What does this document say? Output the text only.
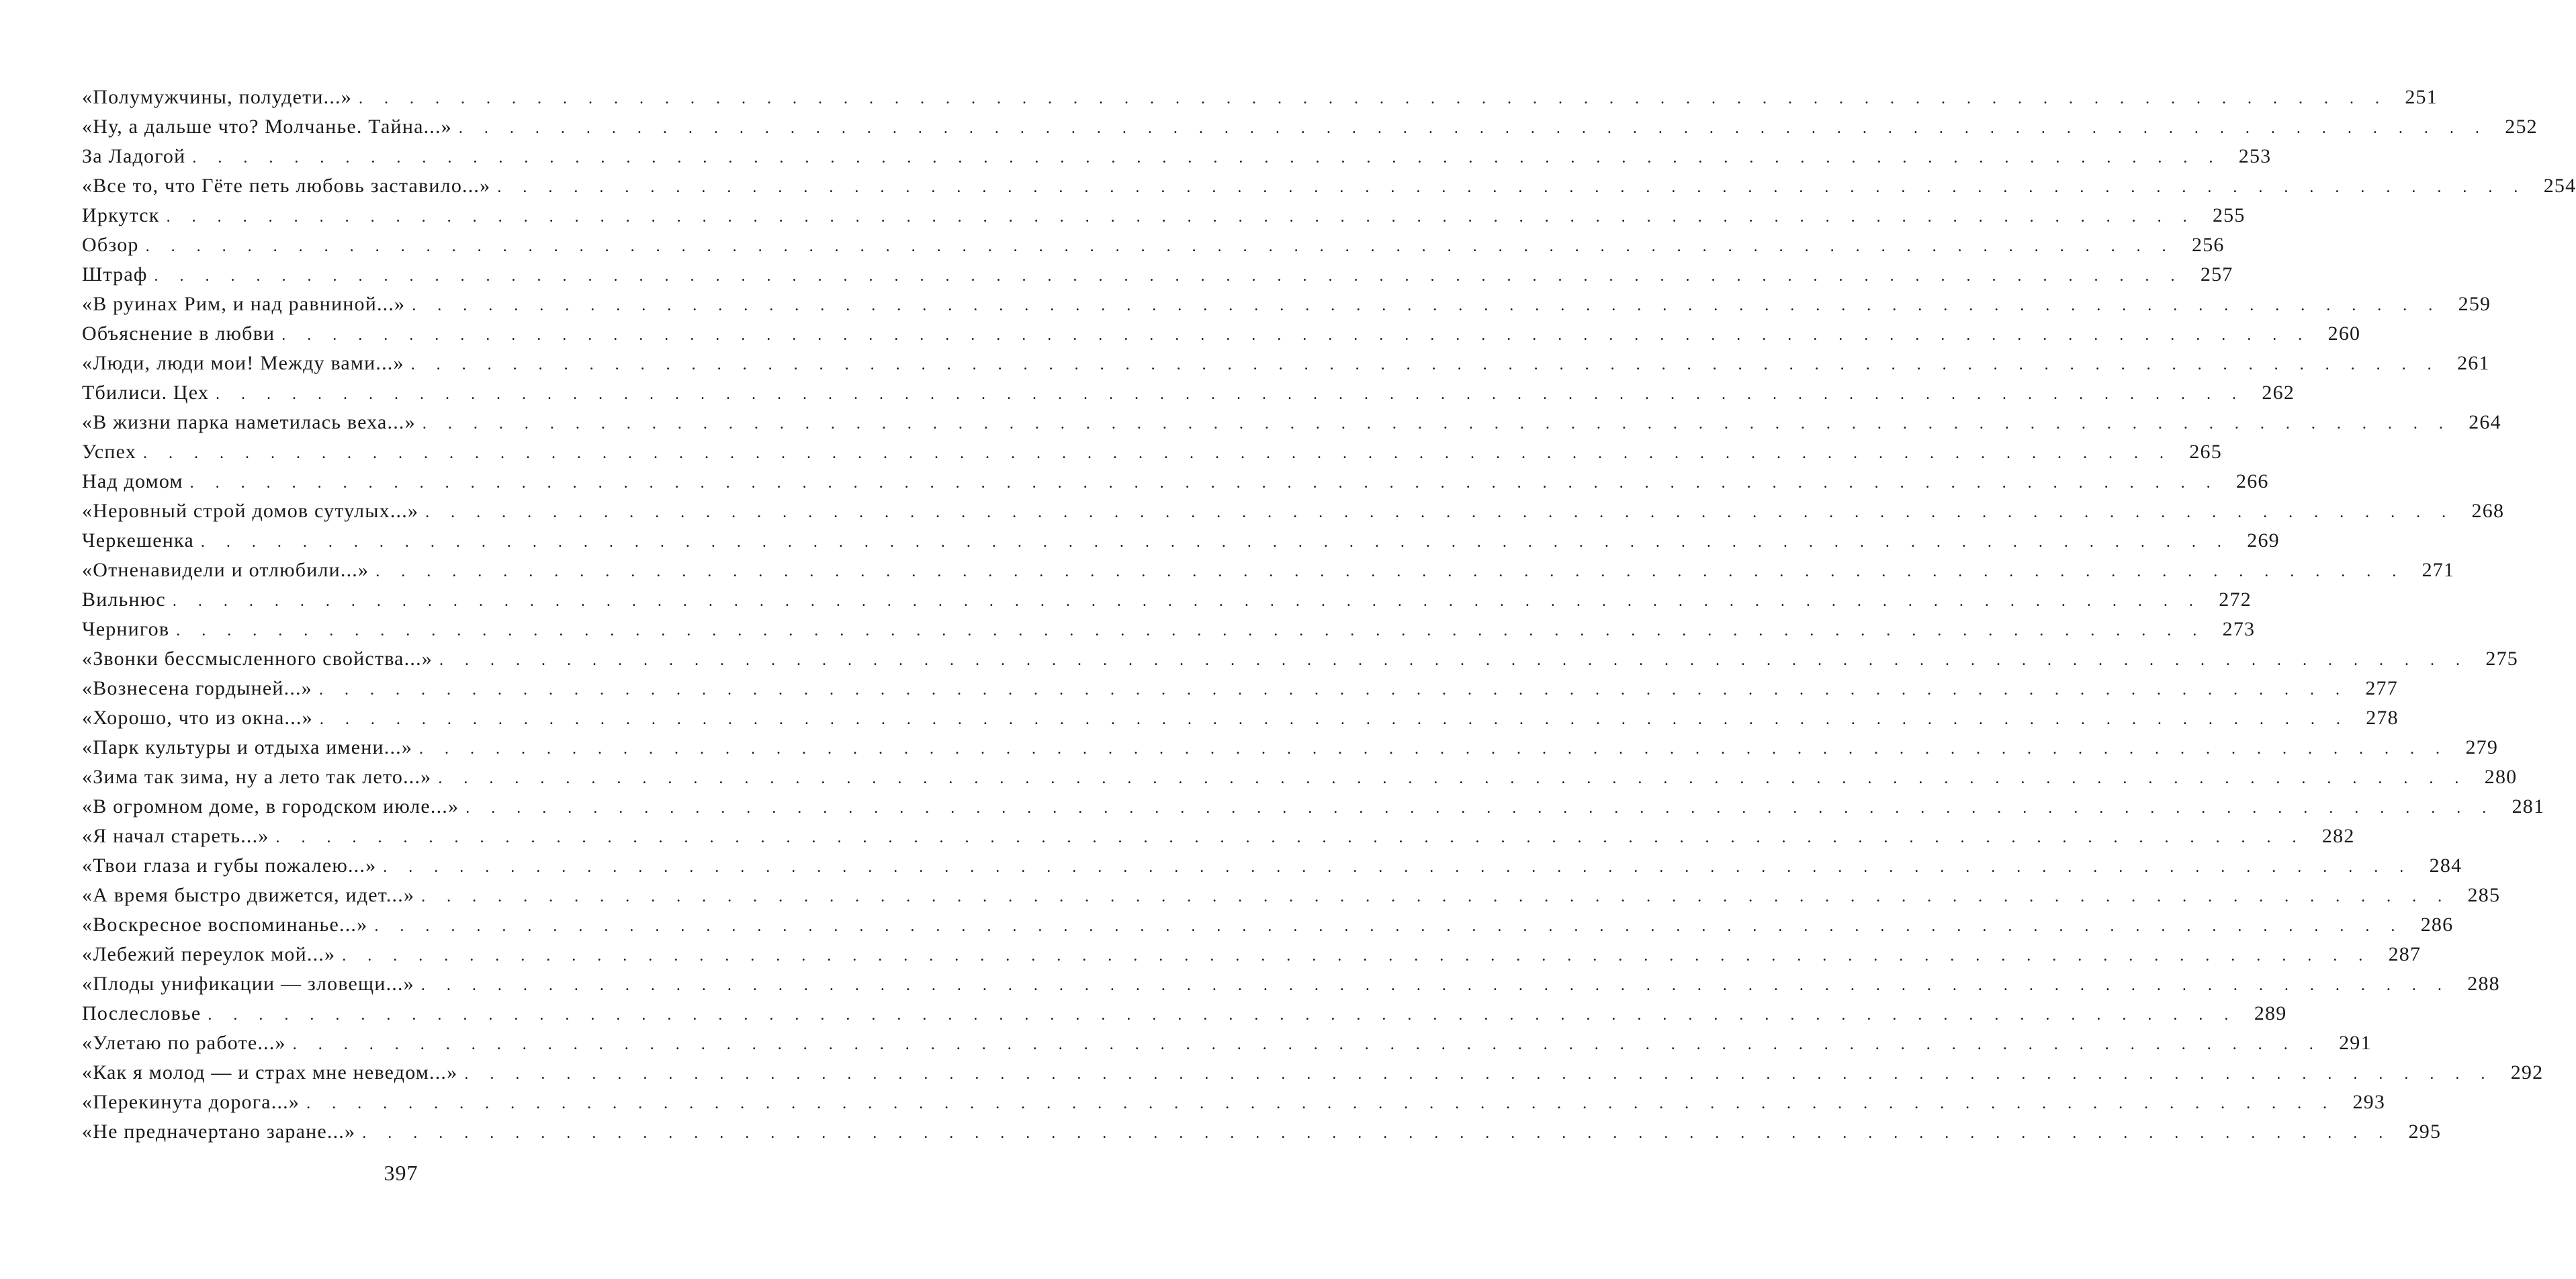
«Полумужчины, полудети...» . . . . . . . . . . . . . . . . . . . . . . . . . . . . . . . . . . . . . . . . . . . . . . . . . . . . . . . . . . . . . . . . . . . . . . . . . . . . . . . . 251
«Ну, а дальше что? Молчанье. Тайна...» . . . . . . . . . . . . . . . . . . . . . . . . . . . . . . . . . . . . . . . . . . . . . . . . . . . . . . . . . . . . . . . . . . . . . . . . . . . . . . . . 252
За Ладогой . . . . . . . . . . . . . . . . . . . . . . . . . . . . . . . . . . . . . . . . . . . . . . . . . . . . . . . . . . . . . . . . . . . . . . . . . . . . . . . . 253
«Все то, что Гёте петь любовь заставило...» . . . . . . . . . . . . . . . . . . . . . . . . . . . . . . . . . . . . . . . . . . . . . . . . . . . . . . . . . . . . . . . . . . . . . . . . . . . . . . . . 254
Иркутск . . . . . . . . . . . . . . . . . . . . . . . . . . . . . . . . . . . . . . . . . . . . . . . . . . . . . . . . . . . . . . . . . . . . . . . . . . . . . . . . 255
Обзор . . . . . . . . . . . . . . . . . . . . . . . . . . . . . . . . . . . . . . . . . . . . . . . . . . . . . . . . . . . . . . . . . . . . . . . . . . . . . . . . 256
Штраф . . . . . . . . . . . . . . . . . . . . . . . . . . . . . . . . . . . . . . . . . . . . . . . . . . . . . . . . . . . . . . . . . . . . . . . . . . . . . . . . 257
«В руинах Рим, и над равниной...» . . . . . . . . . . . . . . . . . . . . . . . . . . . . . . . . . . . . . . . . . . . . . . . . . . . . . . . . . . . . . . . . . . . . . . . . . . . . . . . . 259
Объяснение в любви . . . . . . . . . . . . . . . . . . . . . . . . . . . . . . . . . . . . . . . . . . . . . . . . . . . . . . . . . . . . . . . . . . . . . . . . . . . . . . . . 260
«Люди, люди мои! Между вами...» . . . . . . . . . . . . . . . . . . . . . . . . . . . . . . . . . . . . . . . . . . . . . . . . . . . . . . . . . . . . . . . . . . . . . . . . . . . . . . . . 261
Тбилиси. Цех . . . . . . . . . . . . . . . . . . . . . . . . . . . . . . . . . . . . . . . . . . . . . . . . . . . . . . . . . . . . . . . . . . . . . . . . . . . . . . . . 262
«В жизни парка наметилась веха...» . . . . . . . . . . . . . . . . . . . . . . . . . . . . . . . . . . . . . . . . . . . . . . . . . . . . . . . . . . . . . . . . . . . . . . . . . . . . . . . . 264
Успех . . . . . . . . . . . . . . . . . . . . . . . . . . . . . . . . . . . . . . . . . . . . . . . . . . . . . . . . . . . . . . . . . . . . . . . . . . . . . . . . 265
Над домом . . . . . . . . . . . . . . . . . . . . . . . . . . . . . . . . . . . . . . . . . . . . . . . . . . . . . . . . . . . . . . . . . . . . . . . . . . . . . . . . 266
«Неровный строй домов сутулых...» . . . . . . . . . . . . . . . . . . . . . . . . . . . . . . . . . . . . . . . . . . . . . . . . . . . . . . . . . . . . . . . . . . . . . . . . . . . . . . . . 268
Черкешенка . . . . . . . . . . . . . . . . . . . . . . . . . . . . . . . . . . . . . . . . . . . . . . . . . . . . . . . . . . . . . . . . . . . . . . . . . . . . . . . . 269
«Отненавидели и отлюбили...» . . . . . . . . . . . . . . . . . . . . . . . . . . . . . . . . . . . . . . . . . . . . . . . . . . . . . . . . . . . . . . . . . . . . . . . . . . . . . . . . 271
Вильнюс . . . . . . . . . . . . . . . . . . . . . . . . . . . . . . . . . . . . . . . . . . . . . . . . . . . . . . . . . . . . . . . . . . . . . . . . . . . . . . . . 272
Чернигов . . . . . . . . . . . . . . . . . . . . . . . . . . . . . . . . . . . . . . . . . . . . . . . . . . . . . . . . . . . . . . . . . . . . . . . . . . . . . . . . 273
«Звонки бессмысленного свойства...» . . . . . . . . . . . . . . . . . . . . . . . . . . . . . . . . . . . . . . . . . . . . . . . . . . . . . . . . . . . . . . . . . . . . . . . . . . . . . . . . 275
«Вознесена гордыней...» . . . . . . . . . . . . . . . . . . . . . . . . . . . . . . . . . . . . . . . . . . . . . . . . . . . . . . . . . . . . . . . . . . . . . . . . . . . . . . . . 277
«Хорошо, что из окна...» . . . . . . . . . . . . . . . . . . . . . . . . . . . . . . . . . . . . . . . . . . . . . . . . . . . . . . . . . . . . . . . . . . . . . . . . . . . . . . . . 278
«Парк культуры и отдыха имени...» . . . . . . . . . . . . . . . . . . . . . . . . . . . . . . . . . . . . . . . . . . . . . . . . . . . . . . . . . . . . . . . . . . . . . . . . . . . . . . . . 279
«Зима так зима, ну а лето так лето...» . . . . . . . . . . . . . . . . . . . . . . . . . . . . . . . . . . . . . . . . . . . . . . . . . . . . . . . . . . . . . . . . . . . . . . . . . . . . . . . . 280
«В огромном доме, в городском июле...» . . . . . . . . . . . . . . . . . . . . . . . . . . . . . . . . . . . . . . . . . . . . . . . . . . . . . . . . . . . . . . . . . . . . . . . . . . . . . . . . 281
«Я начал стареть...» . . . . . . . . . . . . . . . . . . . . . . . . . . . . . . . . . . . . . . . . . . . . . . . . . . . . . . . . . . . . . . . . . . . . . . . . . . . . . . . . 282
«Твои глаза и губы пожалею...» . . . . . . . . . . . . . . . . . . . . . . . . . . . . . . . . . . . . . . . . . . . . . . . . . . . . . . . . . . . . . . . . . . . . . . . . . . . . . . . . 284
«А время быстро движется, идет...» . . . . . . . . . . . . . . . . . . . . . . . . . . . . . . . . . . . . . . . . . . . . . . . . . . . . . . . . . . . . . . . . . . . . . . . . . . . . . . . . 285
«Воскресное воспоминанье...» . . . . . . . . . . . . . . . . . . . . . . . . . . . . . . . . . . . . . . . . . . . . . . . . . . . . . . . . . . . . . . . . . . . . . . . . . . . . . . . . 286
«Лебежий переулок мой...» . . . . . . . . . . . . . . . . . . . . . . . . . . . . . . . . . . . . . . . . . . . . . . . . . . . . . . . . . . . . . . . . . . . . . . . . . . . . . . . . 287
«Плоды унификации — зловещи...» . . . . . . . . . . . . . . . . . . . . . . . . . . . . . . . . . . . . . . . . . . . . . . . . . . . . . . . . . . . . . . . . . . . . . . . . . . . . . . . . 288
Послесловье . . . . . . . . . . . . . . . . . . . . . . . . . . . . . . . . . . . . . . . . . . . . . . . . . . . . . . . . . . . . . . . . . . . . . . . . . . . . . . . . 289
«Улетаю по работе...» . . . . . . . . . . . . . . . . . . . . . . . . . . . . . . . . . . . . . . . . . . . . . . . . . . . . . . . . . . . . . . . . . . . . . . . . . . . . . . . . 291
«Как я молод — и страх мне неведом...» . . . . . . . . . . . . . . . . . . . . . . . . . . . . . . . . . . . . . . . . . . . . . . . . . . . . . . . . . . . . . . . . . . . . . . . . . . . . . . . . 292
«Перекинута дорога...» . . . . . . . . . . . . . . . . . . . . . . . . . . . . . . . . . . . . . . . . . . . . . . . . . . . . . . . . . . . . . . . . . . . . . . . . . . . . . . . . 293
«Не предначертано заране...» . . . . . . . . . . . . . . . . . . . . . . . . . . . . . . . . . . . . . . . . . . . . . . . . . . . . . . . . . . . . . . . . . . . . . . . . . . . . . . . . 295
397
